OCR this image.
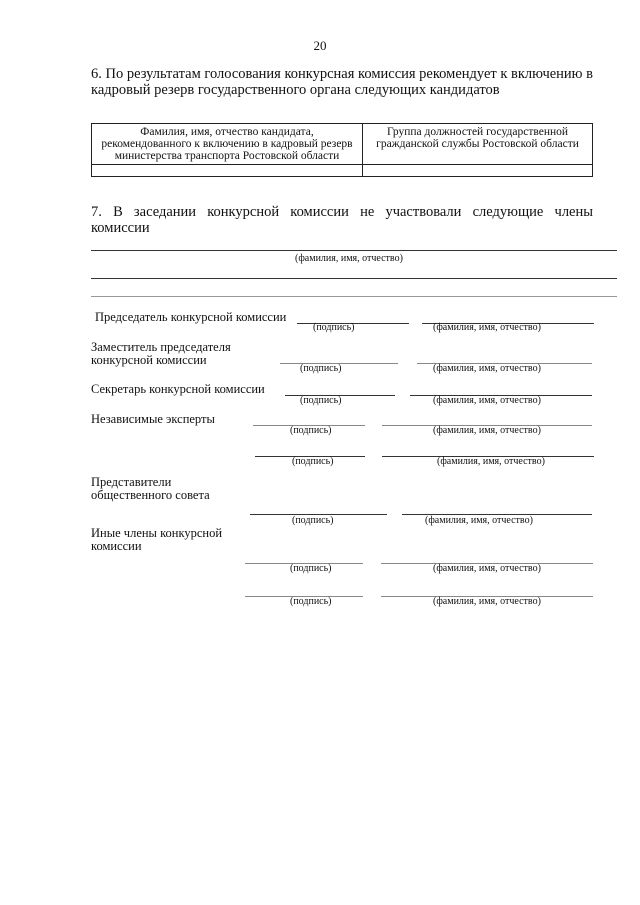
20
6. По результатам голосования конкурсная комиссия рекомендует к включению в кадровый резерв государственного органа следующих кандидатов
Фамилия, имя, отчество кандидата, рекомендованного к включению в кадровый резерв министерства транспорта Ростовской области	Группа должностей государственной гражданской службы Ростовской области

7. В заседании конкурсной комиссии не участвовали следующие члены комиссии
(фамилия, имя, отчество)
Председатель конкурсной комиссии
(подпись)	(фамилия, имя, отчество)
Заместитель председателя конкурсной комиссии
(подпись)	(фамилия, имя, отчество)
Секретарь конкурсной комиссии
(подпись)	(фамилия, имя, отчество)
Независимые эксперты
(подпись)	(фамилия, имя, отчество)
(подпись)	(фамилия, имя, отчество)
Представители общественного совета
(подпись)	(фамилия, имя, отчество)
Иные члены конкурсной комиссии
(подпись)	(фамилия, имя, отчество)
(подпись)	(фамилия, имя, отчество)
